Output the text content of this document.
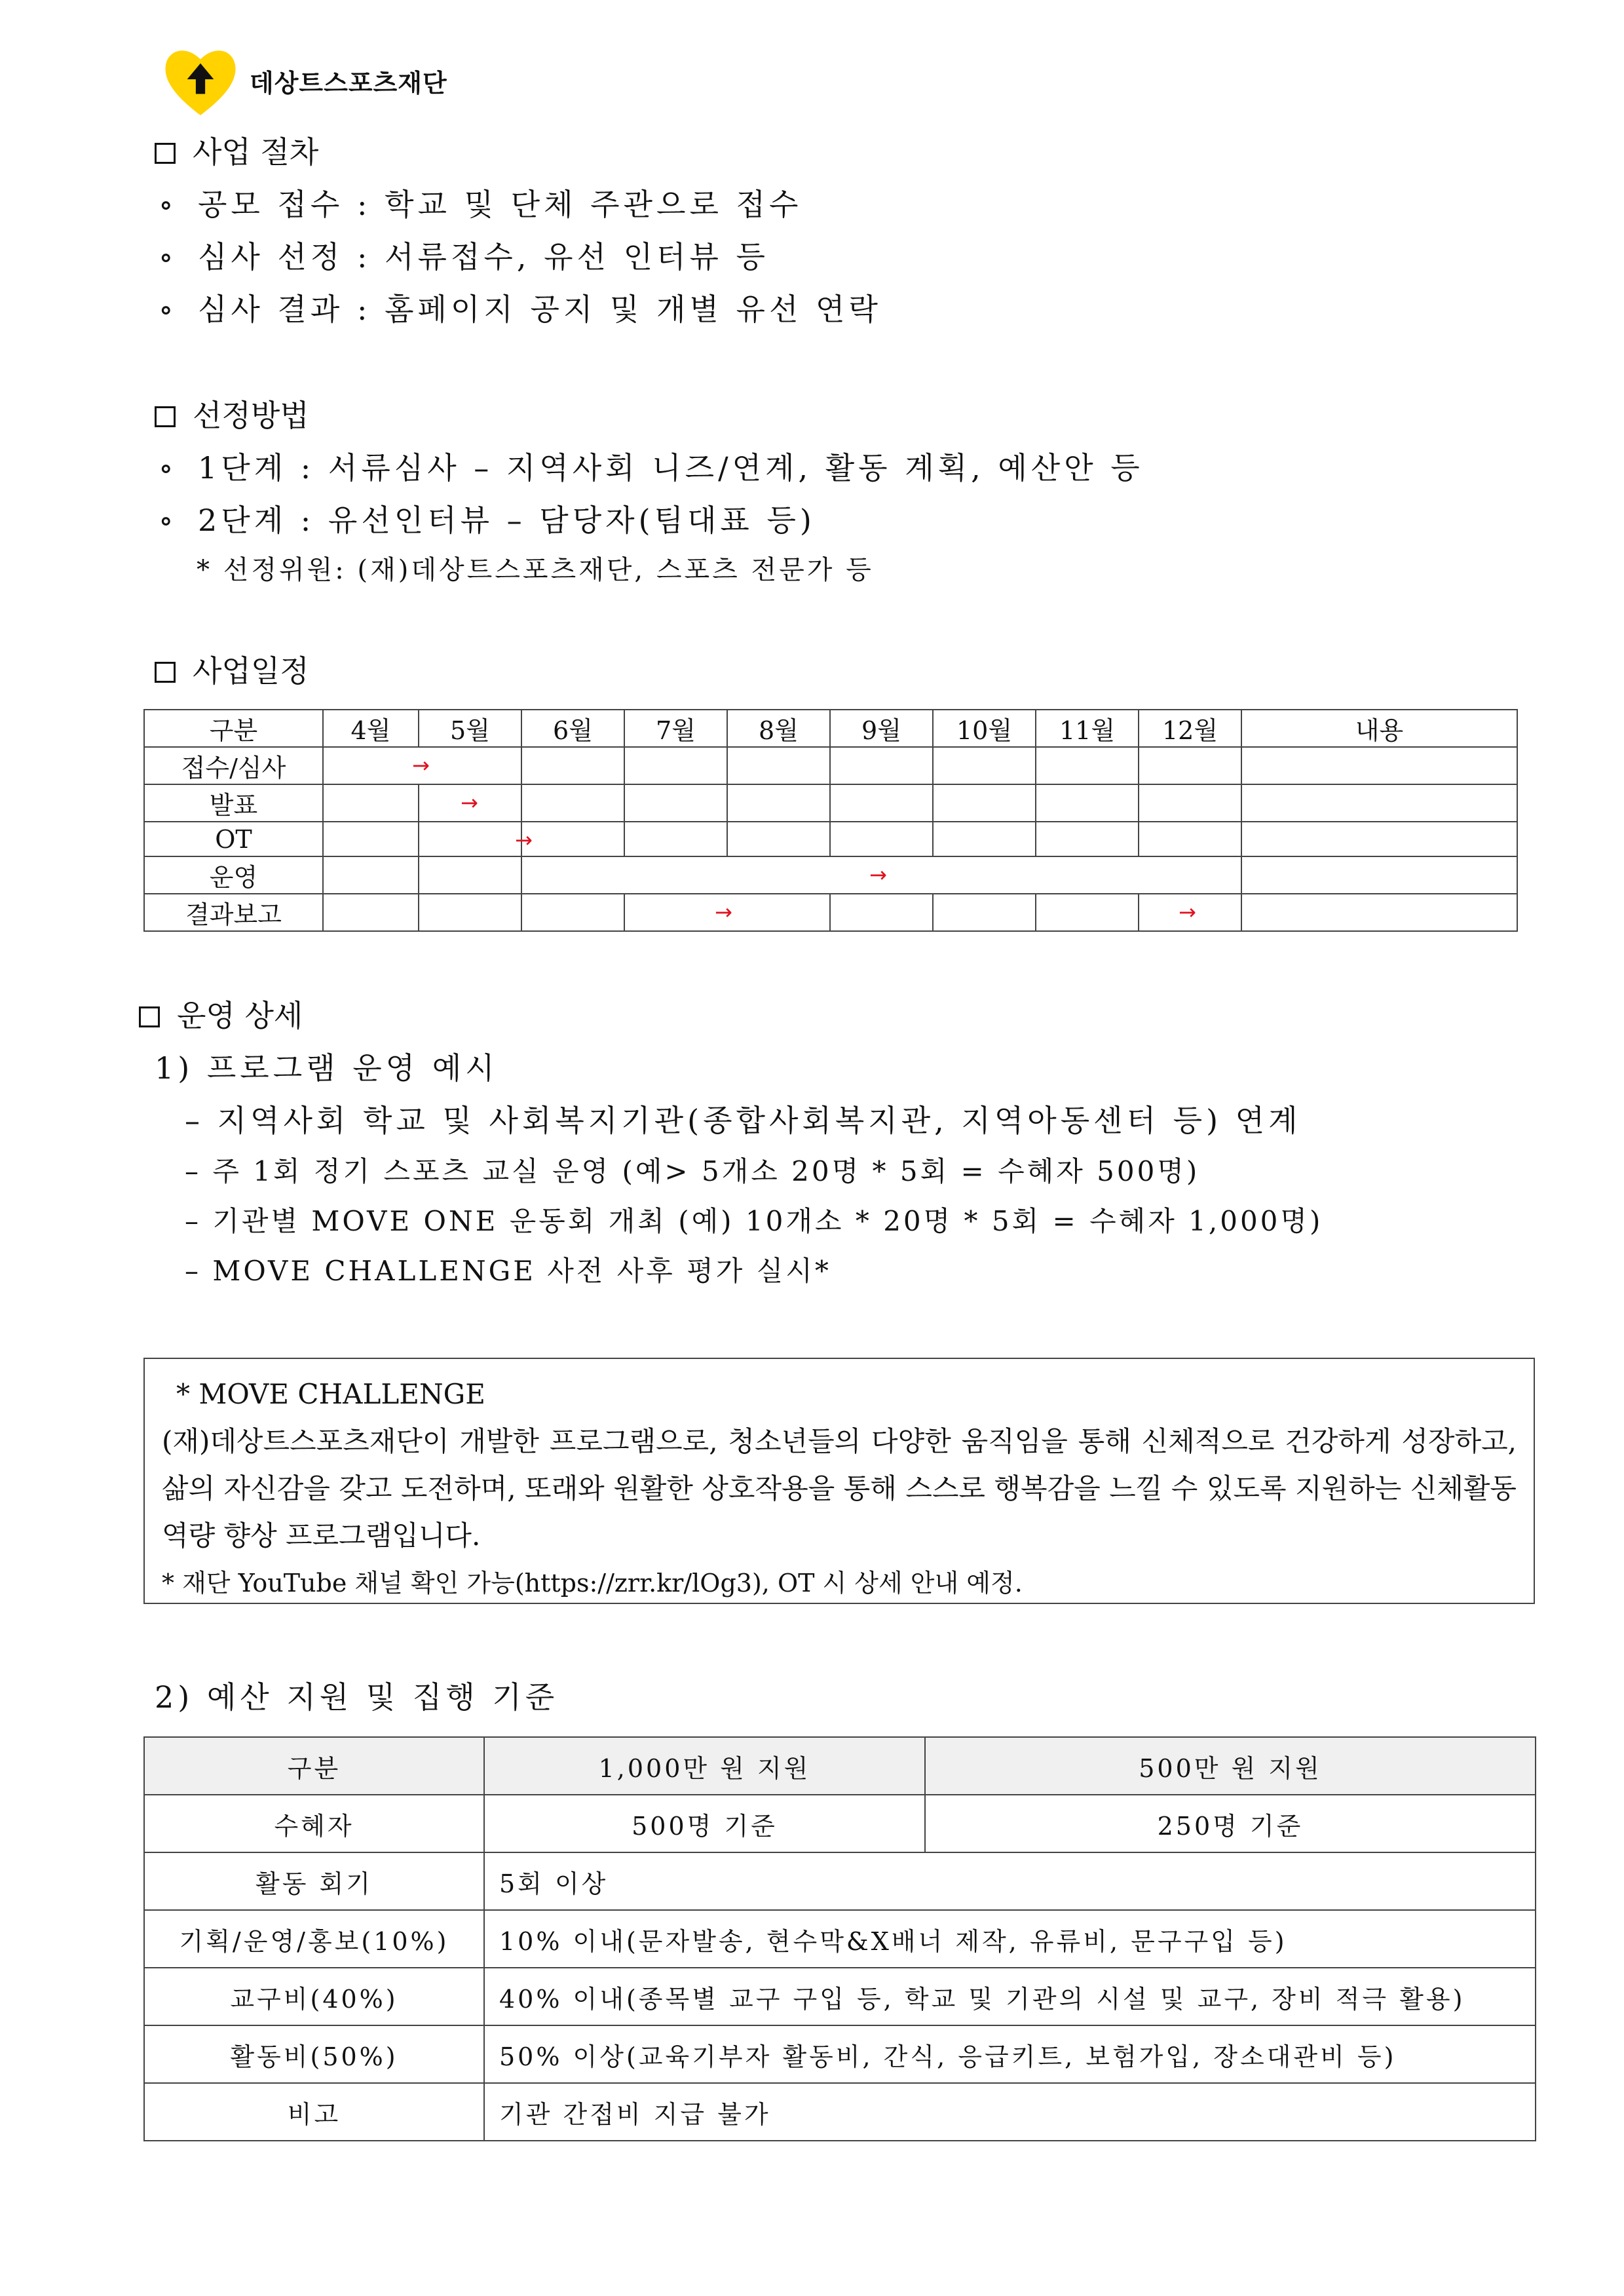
데상트스포츠재단
사업 절차
∘ 공모 접수 : 학교 및 단체 주관으로 접수
∘ 심사 선정 : 서류접수, 유선 인터뷰 등
∘ 심사 결과 : 홈페이지 공지 및 개별 유선 연락
선정방법
∘ 1단계 : 서류심사 – 지역사회 니즈/연계, 활동 계획, 예산안 등
∘ 2단계 : 유선인터뷰 – 담당자(팀대표 등)
* 선정위원: (재)데상트스포츠재단, 스포츠 전문가 등
사업일정
구분	4월	5월	6월	7월	8월	9월	10월	11월	12월	내용
접수/심사	→									

발표		→								

OT			→							

운영			→							

결과보고				→					→	

운영 상세
1) 프로그램 운영 예시
– 지역사회 학교 및 사회복지기관(종합사회복지관, 지역아동센터 등) 연계
– 주 1회 정기 스포츠 교실 운영 (예> 5개소 20명 * 5회 = 수혜자 500명)
– 기관별 MOVE ONE 운동회 개최 (예) 10개소 * 20명 * 5회 = 수혜자 1,000명)
– MOVE CHALLENGE 사전 사후 평가 실시*
* MOVE CHALLENGE
(재)데상트스포츠재단이 개발한 프로그램으로, 청소년들의 다양한 움직임을 통해 신체적으로 건강하게 성장하고, 삶의 자신감을 갖고 도전하며, 또래와 원활한 상호작용을 통해 스스로 행복감을 느낄 수 있도록 지원하는 신체활동역량 향상 프로그램입니다.
* 재단 YouTube 채널 확인 가능(https://zrr.kr/lOg3), OT 시 상세 안내 예정.
2) 예산 지원 및 집행 기준
구분	1,000만 원 지원	500만 원 지원
수혜자	500명 기준	250명 기준
활동 회기	5회 이상	
기획/운영/홍보(10%)	10% 이내(문자발송, 현수막&X배너 제작, 유류비, 문구구입 등)	
교구비(40%)	40% 이내(종목별 교구 구입 등, 학교 및 기관의 시설 및 교구, 장비 적극 활용)	
활동비(50%)	50% 이상(교육기부자 활동비, 간식, 응급키트, 보험가입, 장소대관비 등)	
비고	기관 간접비 지급 불가	
